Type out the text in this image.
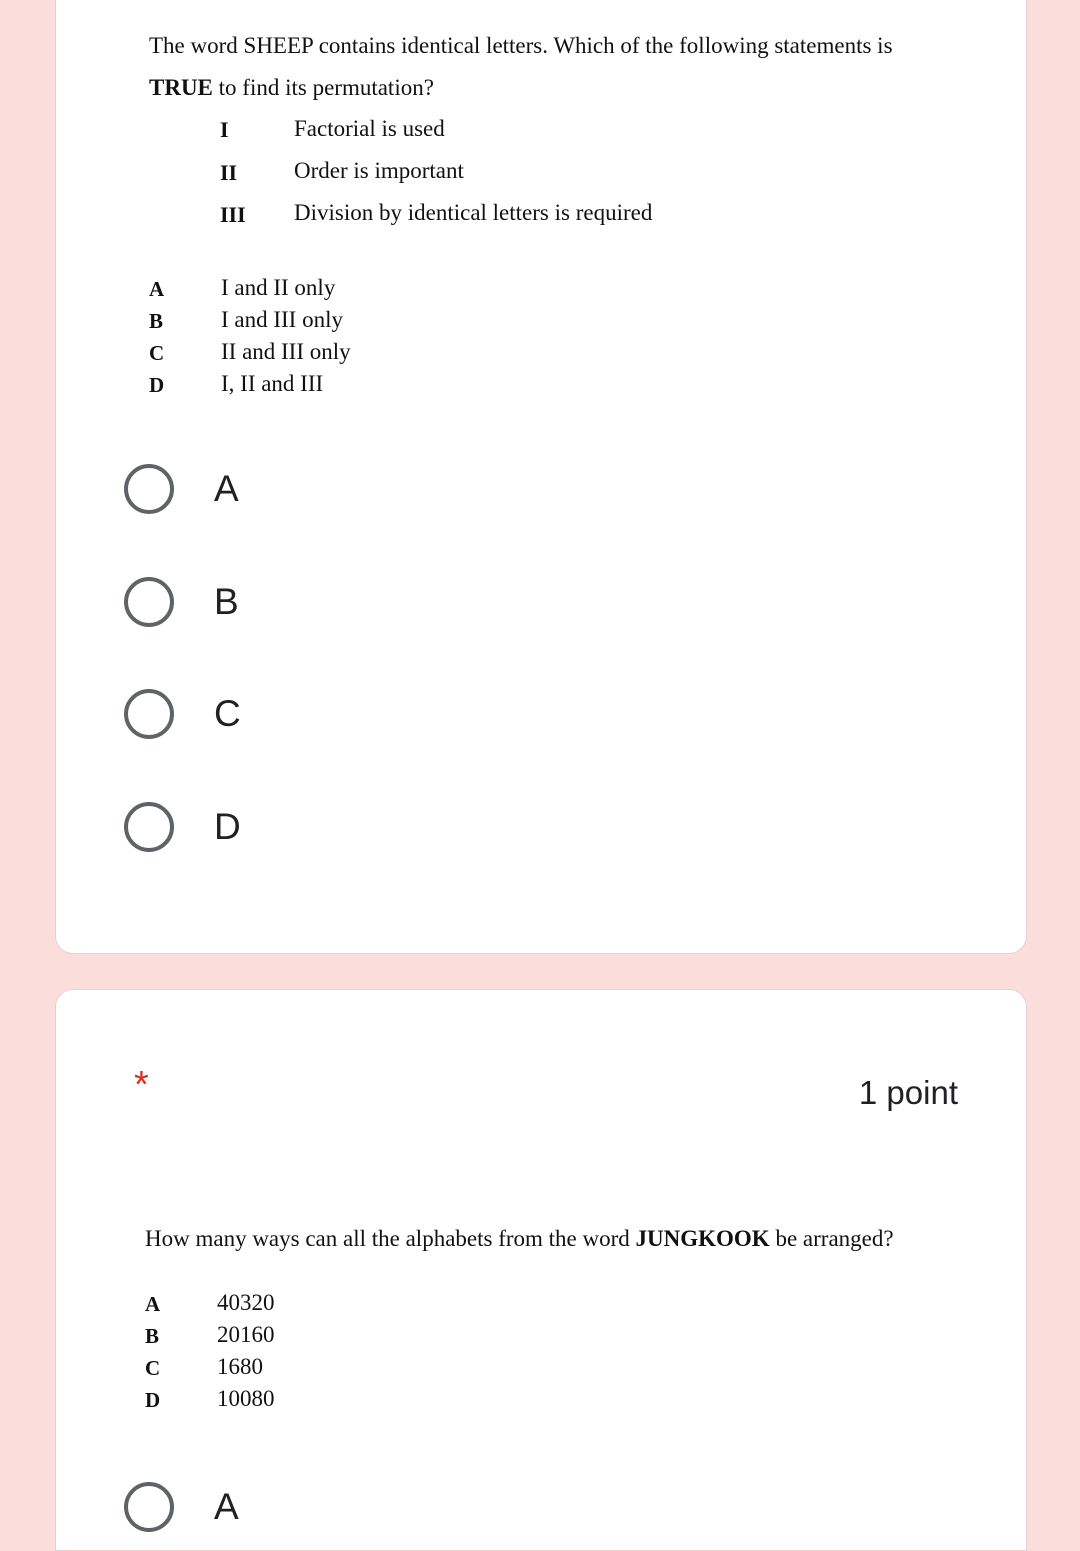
The word SHEEP contains identical letters. Which of the following statements is
TRUE to find its permutation?
I	Factorial is used
II Order is important
III Division by identical letters is required
A I and II only
B	I and III only
C II and III only
D I, II and III
A
B
C
D
*	1 point
How many ways can all the alphabets from the word JUNGKOOK be arranged?
A 40320
B	20160
C 1680
D 10080
A
